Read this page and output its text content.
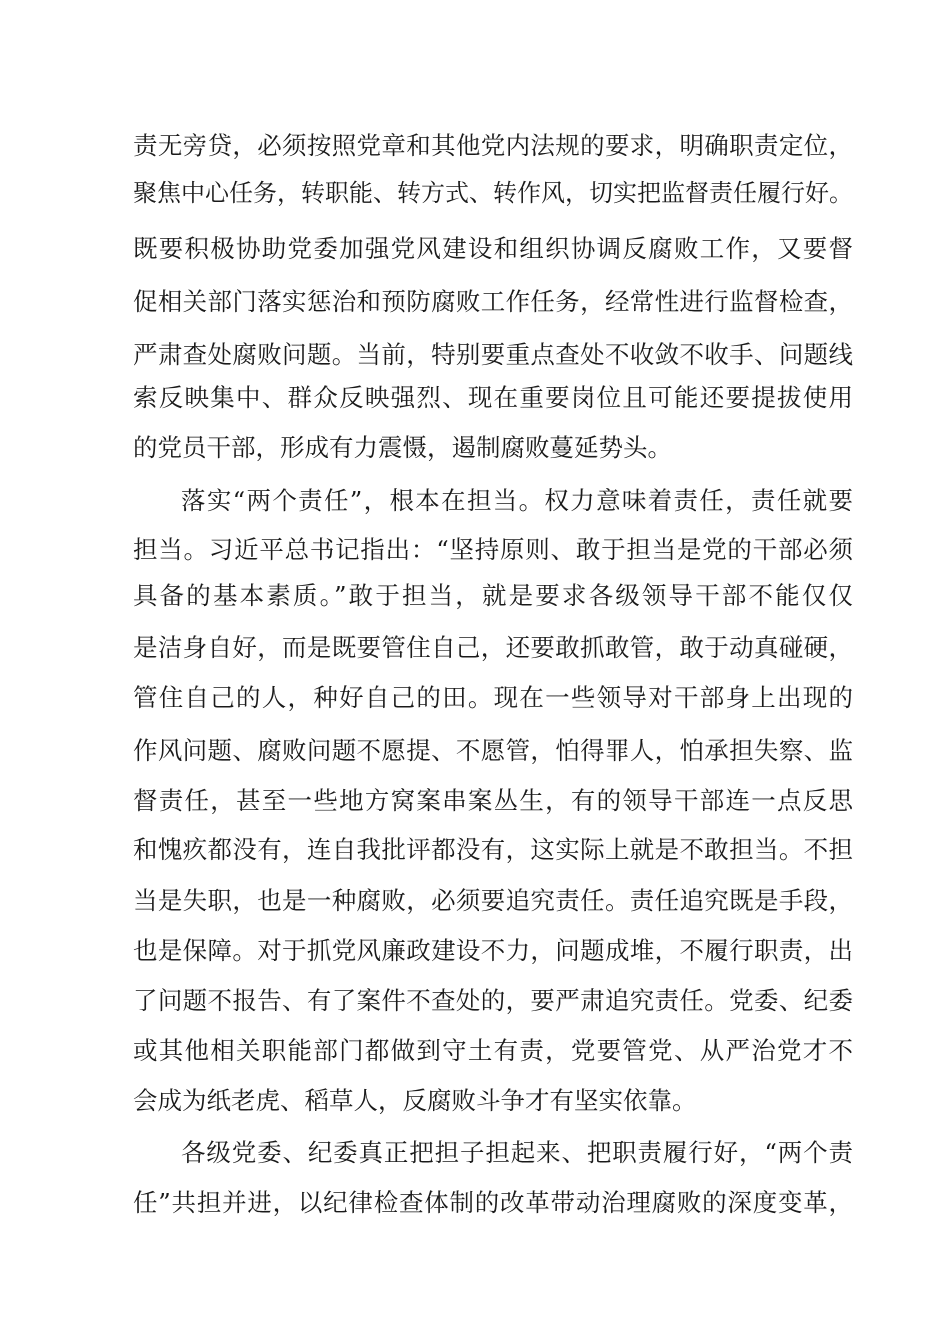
责无旁贷，必须按照党章和其他党内法规的要求，明确职责定位，
聚焦中心任务，转职能、转方式、转作风，切实把监督责任履行好。
既要积极协助党委加强党风建设和组织协调反腐败工作，又要督
促相关部门落实惩治和预防腐败工作任务，经常性进行监督检查，
严肃查处腐败问题。当前，特别要重点查处不收敛不收手、问题线
索反映集中、群众反映强烈、现在重要岗位且可能还要提拔使用
的党员干部，形成有力震慑，遏制腐败蔓延势头。
落实“两个责任”，根本在担当。权力意味着责任，责任就要
担当。习近平总书记指出：“坚持原则、敢于担当是党的干部必须
具备的基本素质。”敢于担当，就是要求各级领导干部不能仅仅
是洁身自好，而是既要管住自己，还要敢抓敢管，敢于动真碰硬，
管住自己的人，种好自己的田。现在一些领导对干部身上出现的
作风问题、腐败问题不愿提、不愿管，怕得罪人，怕承担失察、监
督责任，甚至一些地方窝案串案丛生，有的领导干部连一点反思
和愧疚都没有，连自我批评都没有，这实际上就是不敢担当。不担
当是失职，也是一种腐败，必须要追究责任。责任追究既是手段，
也是保障。对于抓党风廉政建设不力，问题成堆，不履行职责，出
了问题不报告、有了案件不查处的，要严肃追究责任。党委、纪委
或其他相关职能部门都做到守土有责，党要管党、从严治党才不
会成为纸老虎、稻草人，反腐败斗争才有坚实依靠。
各级党委、纪委真正把担子担起来、把职责履行好，“两个责
任”共担并进，以纪律检查体制的改革带动治理腐败的深度变革，
